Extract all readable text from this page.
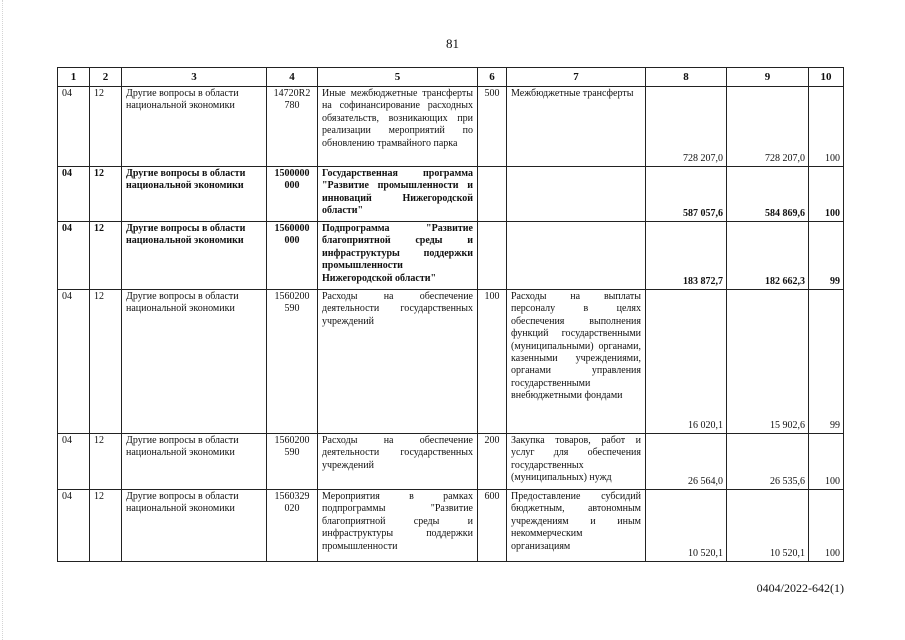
81
1	2	3	4	5	6	7	8	9	10
04	12	Другие вопросы в области национальной экономики	14720R2 780	Иные межбюджетные трансферты на софинансирование расходных обязательств, возникающих при реализации мероприятий по обновлению трамвайного парка	500	Межбюджетные трансферты	728 207,0	728 207,0	100
04	12	Другие вопросы в области национальной экономики	1500000 000	Государственная программа "Развитие промышленности и инноваций Нижегородской области"			587 057,6	584 869,6	100
04	12	Другие вопросы в области национальной экономики	1560000 000	Подпрограмма "Развитие благоприятной среды и инфраструктуры поддержки промышленности Нижегородской области"			183 872,7	182 662,3	99
04	12	Другие вопросы в области национальной экономики	1560200 590	Расходы на обеспечение деятельности государственных учреждений	100	Расходы на выплаты персоналу в целях обеспечения выполнения функций государственными (муниципальными) органами, казенными учреждениями, органами управления государственными внебюджетными фондами	16 020,1	15 902,6	99
04	12	Другие вопросы в области национальной экономики	1560200 590	Расходы на обеспечение деятельности государственных учреждений	200	Закупка товаров, работ и услуг для обеспечения государственных (муниципальных) нужд	26 564,0	26 535,6	100
04	12	Другие вопросы в области национальной экономики	1560329 020	Мероприятия в рамках подпрограммы "Развитие благоприятной среды и инфраструктуры поддержки промышленности	600	Предоставление субсидий бюджетным, автономным учреждениям и иным некоммерческим организациям	10 520,1	10 520,1	100
0404/2022-642(1)
